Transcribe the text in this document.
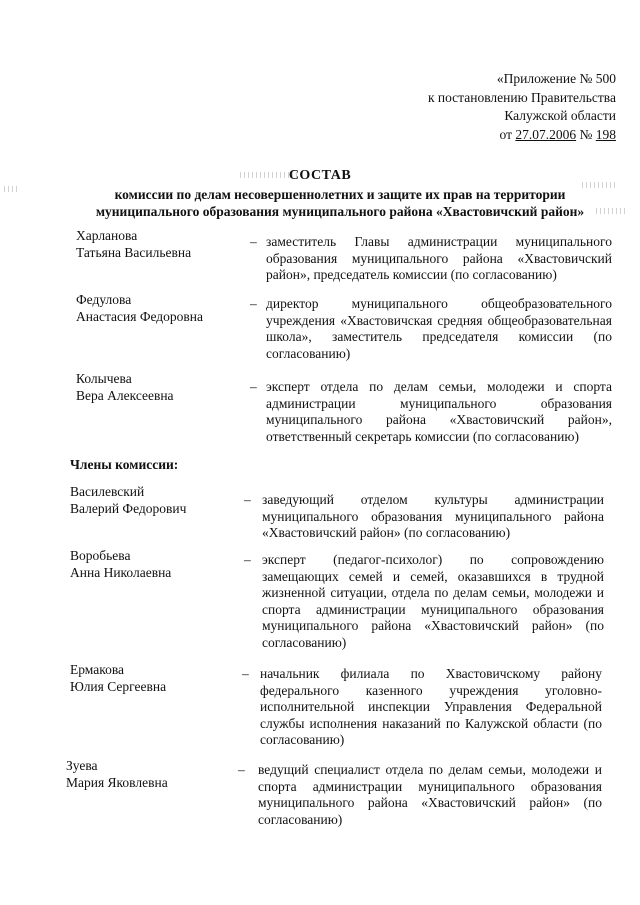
«Приложение № 500
к постановлению Правительства
Калужской области
от 27.07.2006 № 198
СОСТАВ
комиссии по делам несовершеннолетних и защите их прав на территории
муниципального образования муниципального района «Хвастовичский район»
Харланова
Татьяна Васильевна
– заместитель Главы администрации муниципального образования муниципального района «Хвастовичский район», председатель комиссии (по согласованию)
Федулова
Анастасия Федоровна
– директор муниципального общеобразовательного учреждения «Хвастовичская средняя общеобразовательная школа», заместитель председателя комиссии (по согласованию)
Колычева
Вера Алексеевна
– эксперт отдела по делам семьи, молодежи и спорта администрации муниципального образования муниципального района «Хвастовичский район», ответственный секретарь комиссии (по согласованию)
Члены комиссии:
Василевский
Валерий Федорович
– заведующий отделом культуры администрации муниципального образования муниципального района «Хвастовичский район» (по согласованию)
Воробьева
Анна Николаевна
– эксперт (педагог-психолог) по сопровождению замещающих семей и семей, оказавшихся в трудной жизненной ситуации, отдела по делам семьи, молодежи и спорта администрации муниципального образования муниципального района «Хвастовичский район» (по согласованию)
Ермакова
Юлия Сергеевна
– начальник филиала по Хвастовичскому району федерального казенного учреждения уголовно-исполнительной инспекции Управления Федеральной службы исполнения наказаний по Калужской области (по согласованию)
Зуева
Мария Яковлевна
– ведущий специалист отдела по делам семьи, молодежи и спорта администрации муниципального образования муниципального района «Хвастовичский район» (по согласованию)
